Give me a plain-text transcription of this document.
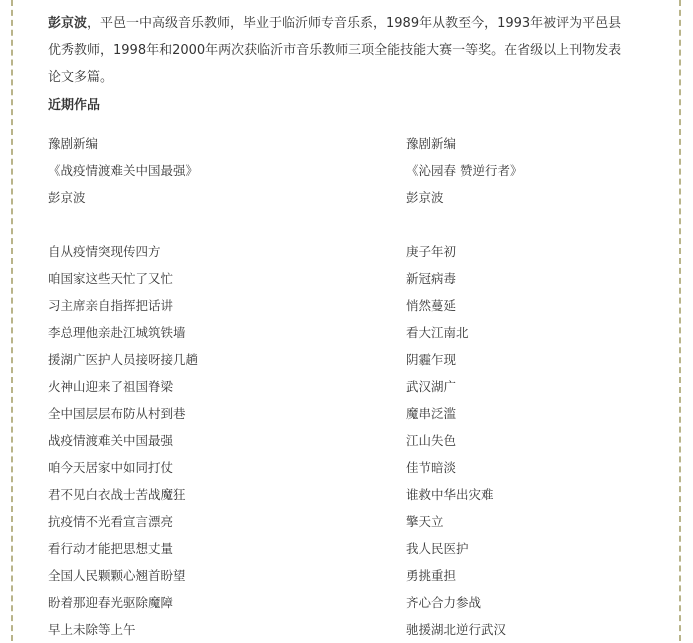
彭京波，平邑一中高级音乐教师，毕业于临沂师专音乐系，1989年从教至今，1993年被评为平邑县优秀教师，1998年和2000年两次获临沂市音乐教师三项全能技能大赛一等奖。在省级以上刊物发表论文多篇。
近期作品
豫剧新编
《战疫情渡难关中国最强》
彭京波
自从疫情突现传四方
咱国家这些天忙了又忙
习主席亲自指挥把话讲
李总理他亲赴江城筑铁墙
援湖广医护人员接呀接几趟
火神山迎来了祖国脊梁
全中国层层布防从村到巷
战疫情渡难关中国最强
咱今天居家中如同打仗
君不见白衣战士苦战魔狂
抗疫情不光看宣言漂亮
看行动才能把思想丈量
全国人民颗颗心翘首盼望
盼着那迎春光驱除魔障
早上未除等上午
豫剧新编
《沁园春 赞逆行者》
彭京波
庚子年初
新冠病毒
悄然蔓延
看大江南北
阴霾乍现
武汉湖广
魔串泛滥
江山失色
佳节暗淡
谁救中华出灾难
擎天立
我人民医护
勇挑重担
齐心合力参战
驰援湖北逆行武汉
